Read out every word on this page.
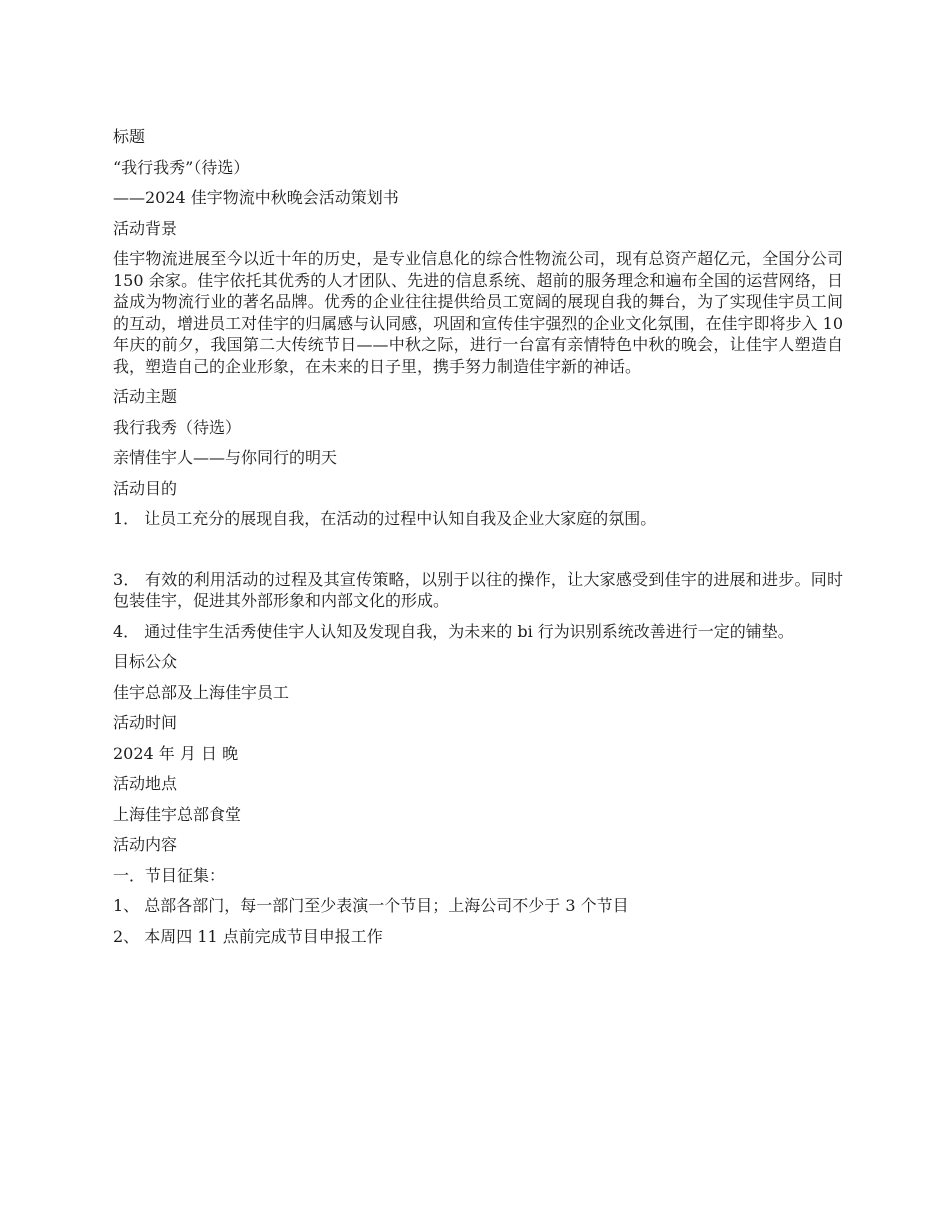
标题

“我行我秀”（待选）

——2024 佳宇物流中秋晚会活动策划书

活动背景

佳宇物流进展至今以近十年的历史，是专业信息化的综合性物流公司，现有总资产超亿元，全国分公司 150 余家。佳宇依托其优秀的人才团队、先进的信息系统、超前的服务理念和遍布全国的运营网络，日益成为物流行业的著名品牌。优秀的企业往往提供给员工宽阔的展现自我的舞台，为了实现佳宇员工间的互动，增进员工对佳宇的归属感与认同感，巩固和宣传佳宇强烈的企业文化氛围，在佳宇即将步入 10 年庆的前夕，我国第二大传统节日——中秋之际，进行一台富有亲情特色中秋的晚会，让佳宇人塑造自我，塑造自己的企业形象，在未来的日子里，携手努力制造佳宇新的神话。

活动主题

我行我秀（待选）

亲情佳宇人——与你同行的明天

活动目的

1． 让员工充分的展现自我，在活动的过程中认知自我及企业大家庭的氛围。

3． 有效的利用活动的过程及其宣传策略，以别于以往的操作，让大家感受到佳宇的进展和进步。同时包装佳宇，促进其外部形象和内部文化的形成。

4． 通过佳宇生活秀使佳宇人认知及发现自我，为未来的 bi 行为识别系统改善进行一定的铺垫。

目标公众

佳宇总部及上海佳宇员工

活动时间

2024 年 月 日 晚

活动地点

上海佳宇总部食堂

活动内容

一．节目征集：

1、 总部各部门，每一部门至少表演一个节目；上海公司不少于 3 个节目

2、 本周四 11 点前完成节目申报工作
